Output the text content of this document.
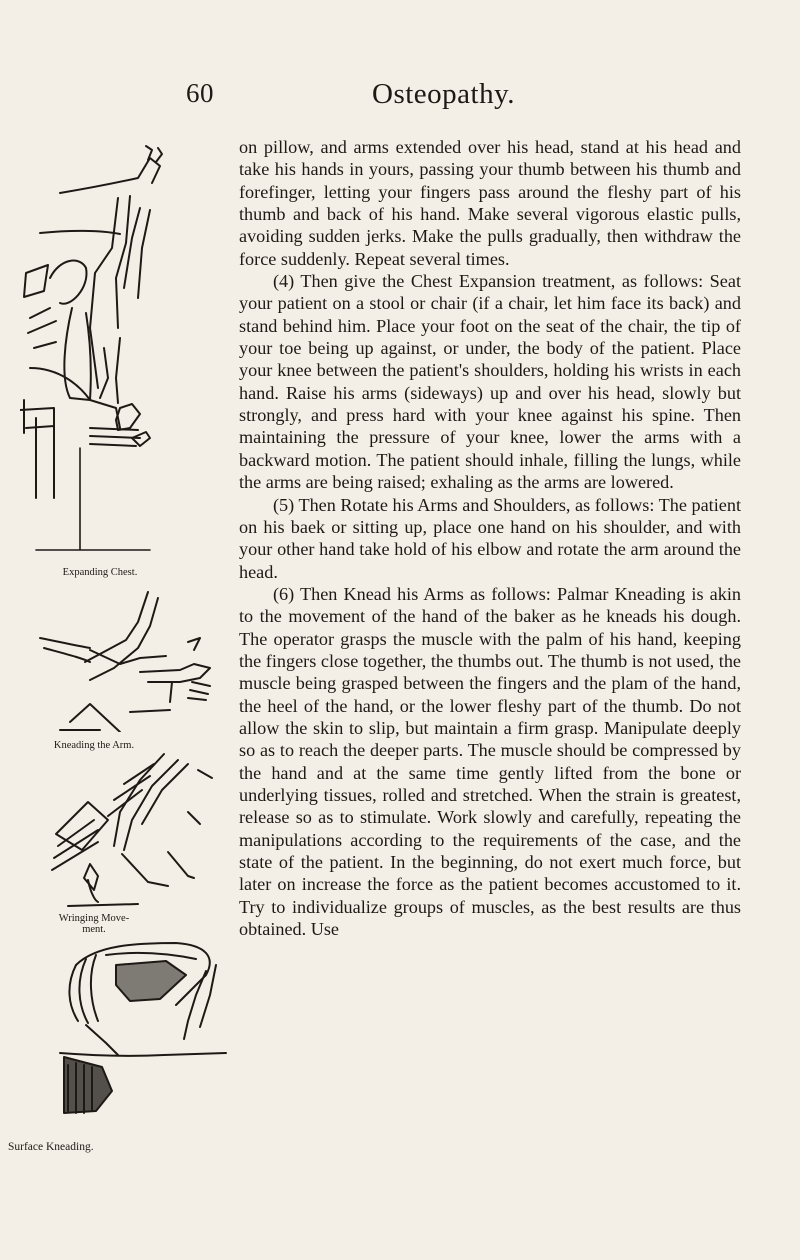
60	Osteopathy.
Expanding Chest.
Kneading the Arm.
Wringing Move-
ment.
Surface Kneading.

on pillow, and arms extended over his head, stand at his head and take his hands in yours, passing your thumb between his thumb and forefinger, letting your fingers pass around the fleshy part of his thumb and back of his hand. Make several vigorous elastic pulls, avoiding sudden jerks. Make the pulls gradually, then withdraw the force suddenly. Repeat several times.

(4) Then give the Chest Expansion treatment, as follows: Seat your patient on a stool or chair (if a chair, let him face its back) and stand behind him. Place your foot on the seat of the chair, the tip of your toe being up against, or under, the body of the patient. Place your knee between the patient's shoulders, holding his wrists in each hand. Raise his arms (sideways) up and over his head, slowly but strongly, and press hard with your knee against his spine. Then maintaining the pressure of your knee, lower the arms with a backward motion. The patient should inhale, filling the lungs, while the arms are being raised; exhaling as the arms are lowered.

(5) Then Rotate his Arms and Shoulders, as follows: The patient on his baek or sitting up, place one hand on his shoulder, and with your other hand take hold of his elbow and rotate the arm around the head.

(6) Then Knead his Arms as follows: Palmar Kneading is akin to the movement of the hand of the baker as he kneads his dough. The operator grasps the muscle with the palm of his hand, keeping the fingers close together, the thumbs out. The thumb is not used, the muscle being grasped between the fingers and the plam of the hand, the heel of the hand, or the lower fleshy part of the thumb. Do not allow the skin to slip, but maintain a firm grasp. Manipulate deeply so as to reach the deeper parts. The muscle should be compressed by the hand and at the same time gently lifted from the bone or underlying tissues, rolled and stretched. When the strain is greatest, release so as to stimulate. Work slowly and carefully, repeating the manipulations according to the requirements of the case, and the state of the patient. In the beginning, do not exert much force, but later on increase the force as the patient becomes accustomed to it. Try to individualize groups of muscles, as the best results are thus obtained. Use
